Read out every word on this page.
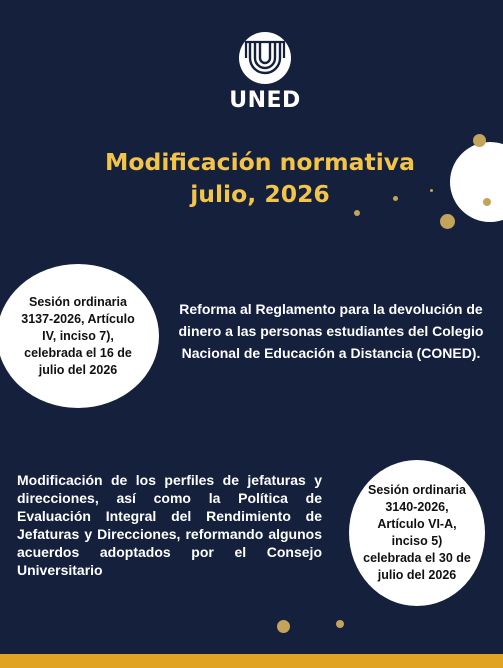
UNED
Modificación normativa
julio, 2026
Sesión ordinaria
3137-2026, Artículo
IV, inciso 7),
celebrada el 16 de
julio del 2026
Reforma al Reglamento para la devolución de dinero a las personas estudiantes del Colegio Nacional de Educación a Distancia (CONED).
Modificación de los perfiles de jefaturas y direcciones, así como la Política de Evaluación Integral del Rendimiento de Jefaturas y Direcciones, reformando algunos acuerdos adoptados por el Consejo Universitario
Sesión ordinaria
3140-2026,
Artículo VI-A,
inciso 5)
celebrada el 30 de
julio del 2026
